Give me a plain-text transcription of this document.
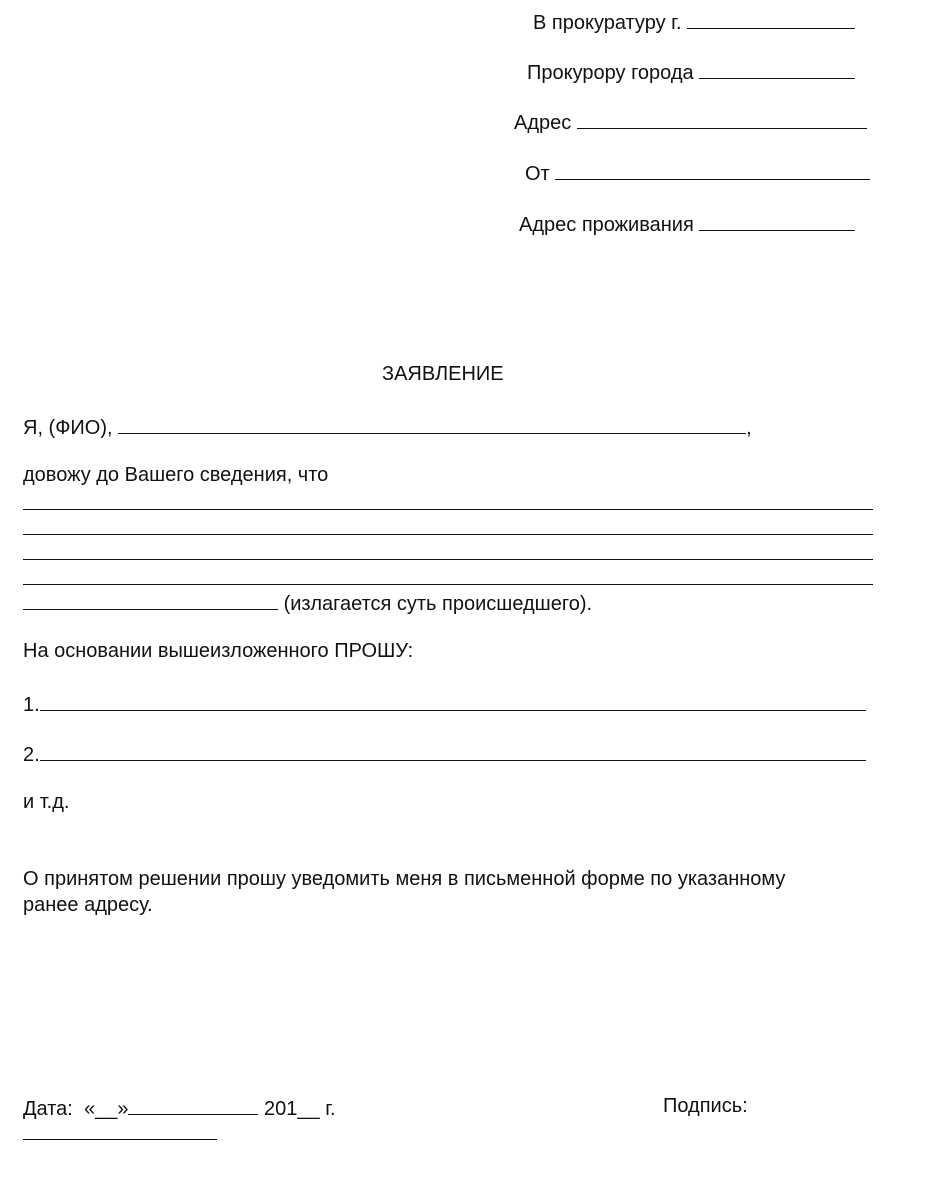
В прокуратуру г.
Прокурору города
Адрес
От
Адрес проживания
ЗАЯВЛЕНИЕ
Я, (ФИО),	,
довожу до Вашего сведения, что
(излагается суть происшедшего).
На основании вышеизложенного ПРОШУ:
1.
2.
и т.д.
О принятом решении прошу уведомить меня в письменной форме по указанному
ранее адресу.
Дата: «__»	201__ г.	Подпись:
